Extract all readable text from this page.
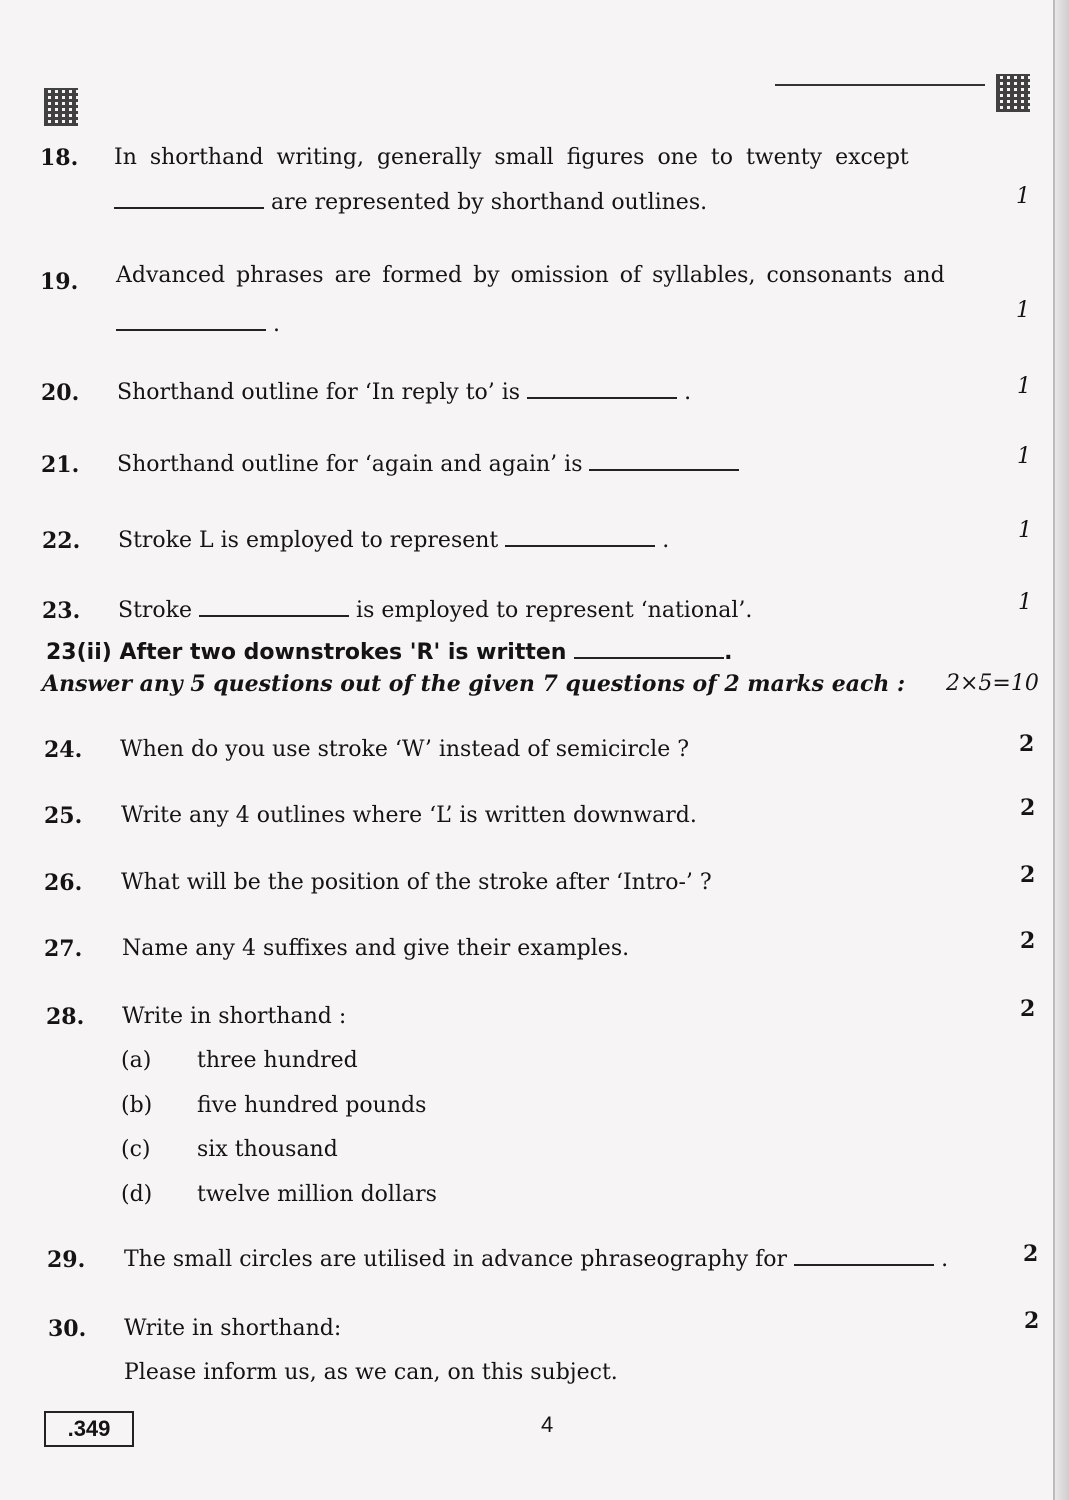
18. In shorthand writing, generally small figures one to twenty except
are represented by shorthand outlines.	1
19. Advanced phrases are formed by omission of syllables, consonants and
.
1
20. Shorthand outline for ‘In reply to’ is	.	1
21. Shorthand outline for ‘again and again’ is	1
22. Stroke L is employed to represent	.	1
23. Stroke	is employed to represent ‘national’.	1
23(ii) After two downstrokes 'R' is written	.
Answer any 5 questions out of the given 7 questions of 2 marks each : 2×5=10
24. When do you use stroke ‘W’ instead of semicircle ?	2
25. Write any 4 outlines where ‘L’ is written downward.	2
26. What will be the position of the stroke after ‘Intro-’ ?	2
27. Name any 4 suffixes and give their examples.	2
28. Write in shorthand :	2
(a) three hundred
(b) five hundred pounds
(c) six thousand
(d) twelve million dollars
29. The small circles are utilised in advance phraseography for	.	2
30. Write in shorthand:	2
Please inform us, as we can, on this subject.
.349	4
